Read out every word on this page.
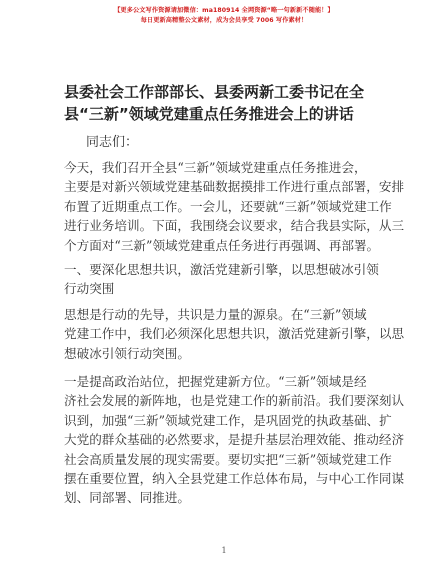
【更多公文写作资源请加微信：ma180914 全网资源“略一句新新不随能！】
每日更新高精整公文素材，成为会员享受 7006 写作素材！
县委社会工作部部长、县委两新工委书记在全
县“三新”领域党建重点任务推进会上的讲话
同志们：
今天，我们召开全县“三新”领域党建重点任务推进会，
主要是对新兴领域党建基础数据摸排工作进行重点部署，安排
布置了近期重点工作。一会儿，还要就“三新”领域党建工作
进行业务培训。下面，我围绕会议要求，结合我县实际，从三
个方面对“三新”领域党建重点任务进行再强调、再部署。
一、要深化思想共识，激活党建新引擎，以思想破冰引领
行动突围
思想是行动的先导，共识是力量的源泉。在“三新”领域
党建工作中，我们必须深化思想共识，激活党建新引擎，以思
想破冰引领行动突围。
一是提高政治站位，把握党建新方位。“三新”领域是经
济社会发展的新阵地，也是党建工作的新前沿。我们要深刻认
识到，加强“三新”领域党建工作，是巩固党的执政基础、扩
大党的群众基础的必然要求，是提升基层治理效能、推动经济
社会高质量发展的现实需要。要切实把“三新”领域党建工作
摆在重要位置，纳入全县党建工作总体布局，与中心工作同谋
划、同部署、同推进。
1
